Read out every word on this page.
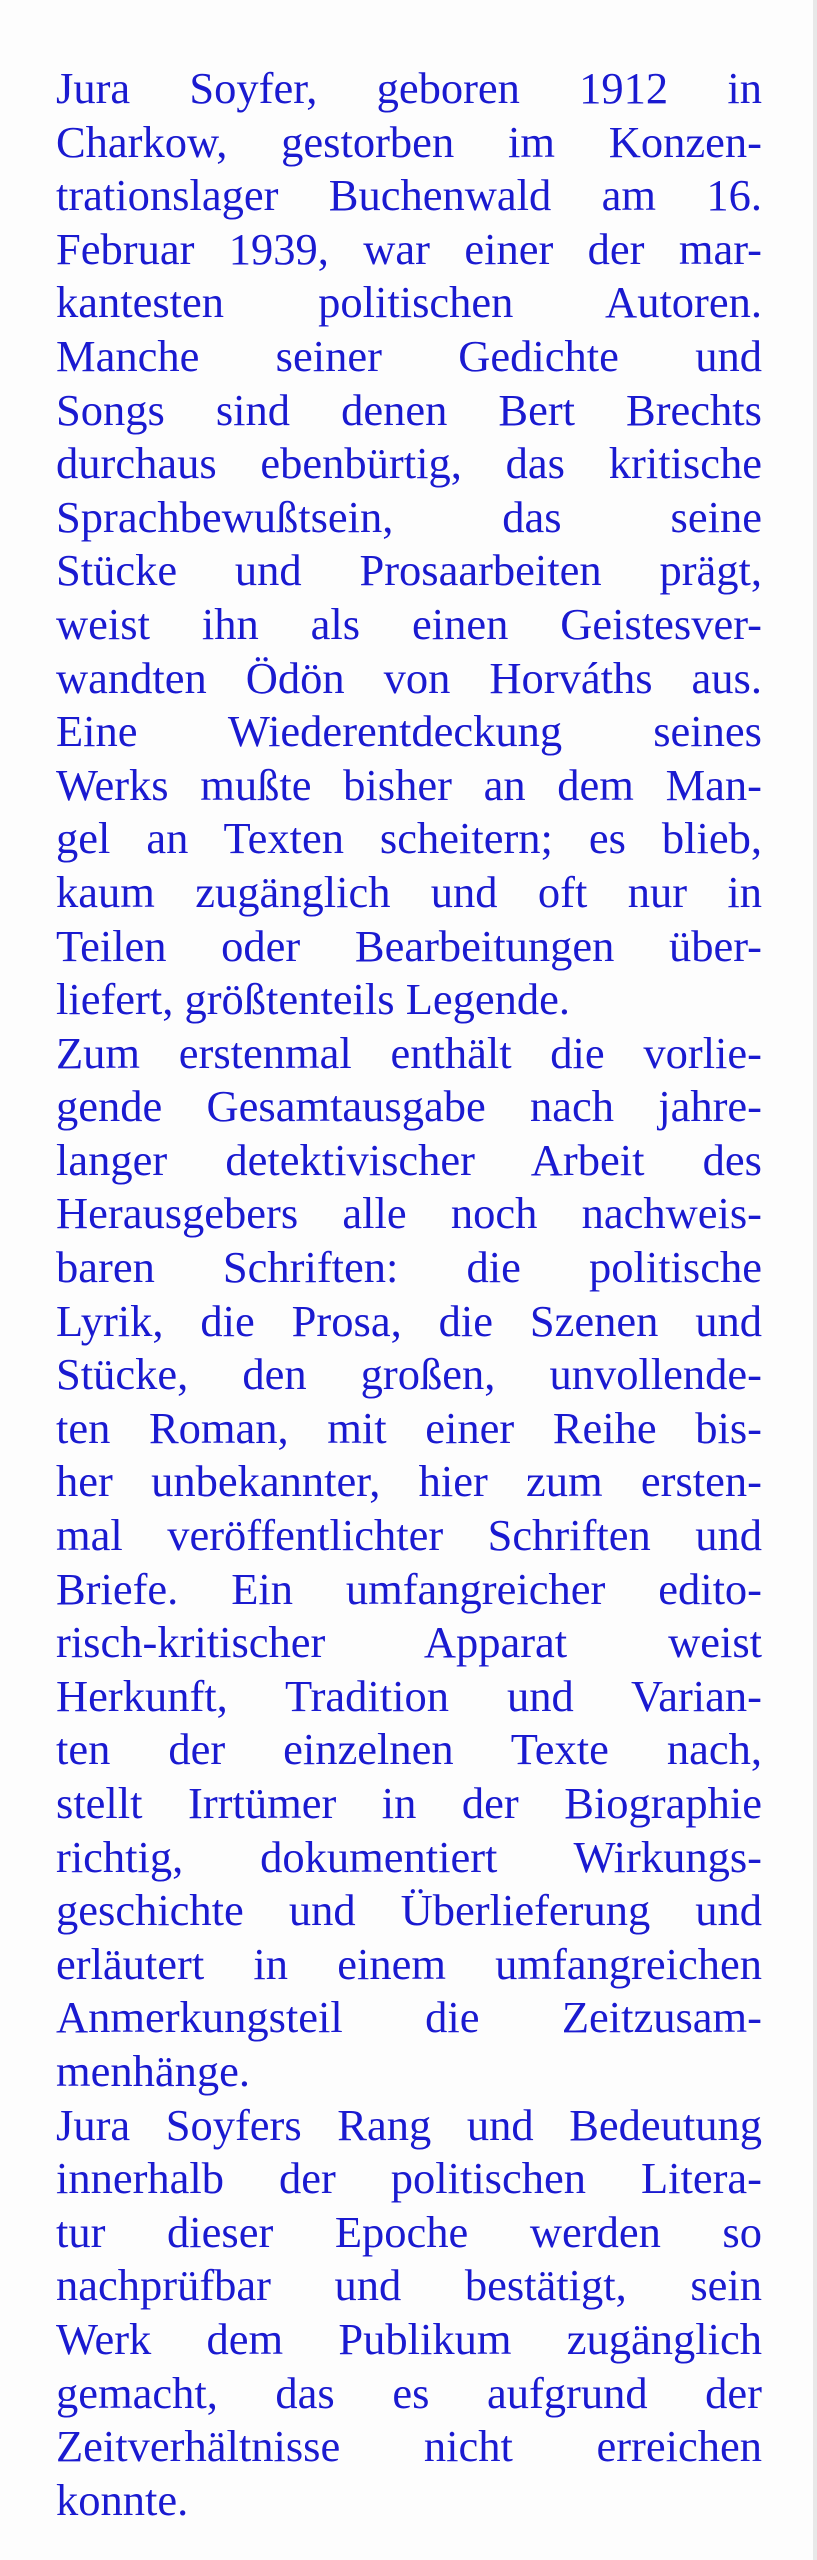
Jura Soyfer, geboren 1912 in
Charkow, gestorben im Konzen-
trationslager Buchenwald am 16.
Februar 1939, war einer der mar-
kantesten politischen Autoren.
Manche seiner Gedichte und
Songs sind denen Bert Brechts
durchaus ebenbürtig, das kritische
Sprachbewußtsein, das seine
Stücke und Prosaarbeiten prägt,
weist ihn als einen Geistesver-
wandten Ödön von Horváths aus.
Eine Wiederentdeckung seines
Werks mußte bisher an dem Man-
gel an Texten scheitern; es blieb,
kaum zugänglich und oft nur in
Teilen oder Bearbeitungen über-
liefert, größtenteils Legende.
Zum erstenmal enthält die vorlie-
gende Gesamtausgabe nach jahre-
langer detektivischer Arbeit des
Herausgebers alle noch nachweis-
baren Schriften: die politische
Lyrik, die Prosa, die Szenen und
Stücke, den großen, unvollende-
ten Roman, mit einer Reihe bis-
her unbekannter, hier zum ersten-
mal veröffentlichter Schriften und
Briefe. Ein umfangreicher edito-
risch-kritischer Apparat weist
Herkunft, Tradition und Varian-
ten der einzelnen Texte nach,
stellt Irrtümer in der Biographie
richtig, dokumentiert Wirkungs-
geschichte und Überlieferung und
erläutert in einem umfangreichen
Anmerkungsteil die Zeitzusam-
menhänge.
Jura Soyfers Rang und Bedeutung
innerhalb der politischen Litera-
tur dieser Epoche werden so
nachprüfbar und bestätigt, sein
Werk dem Publikum zugänglich
gemacht, das es aufgrund der
Zeitverhältnisse nicht erreichen
konnte.
